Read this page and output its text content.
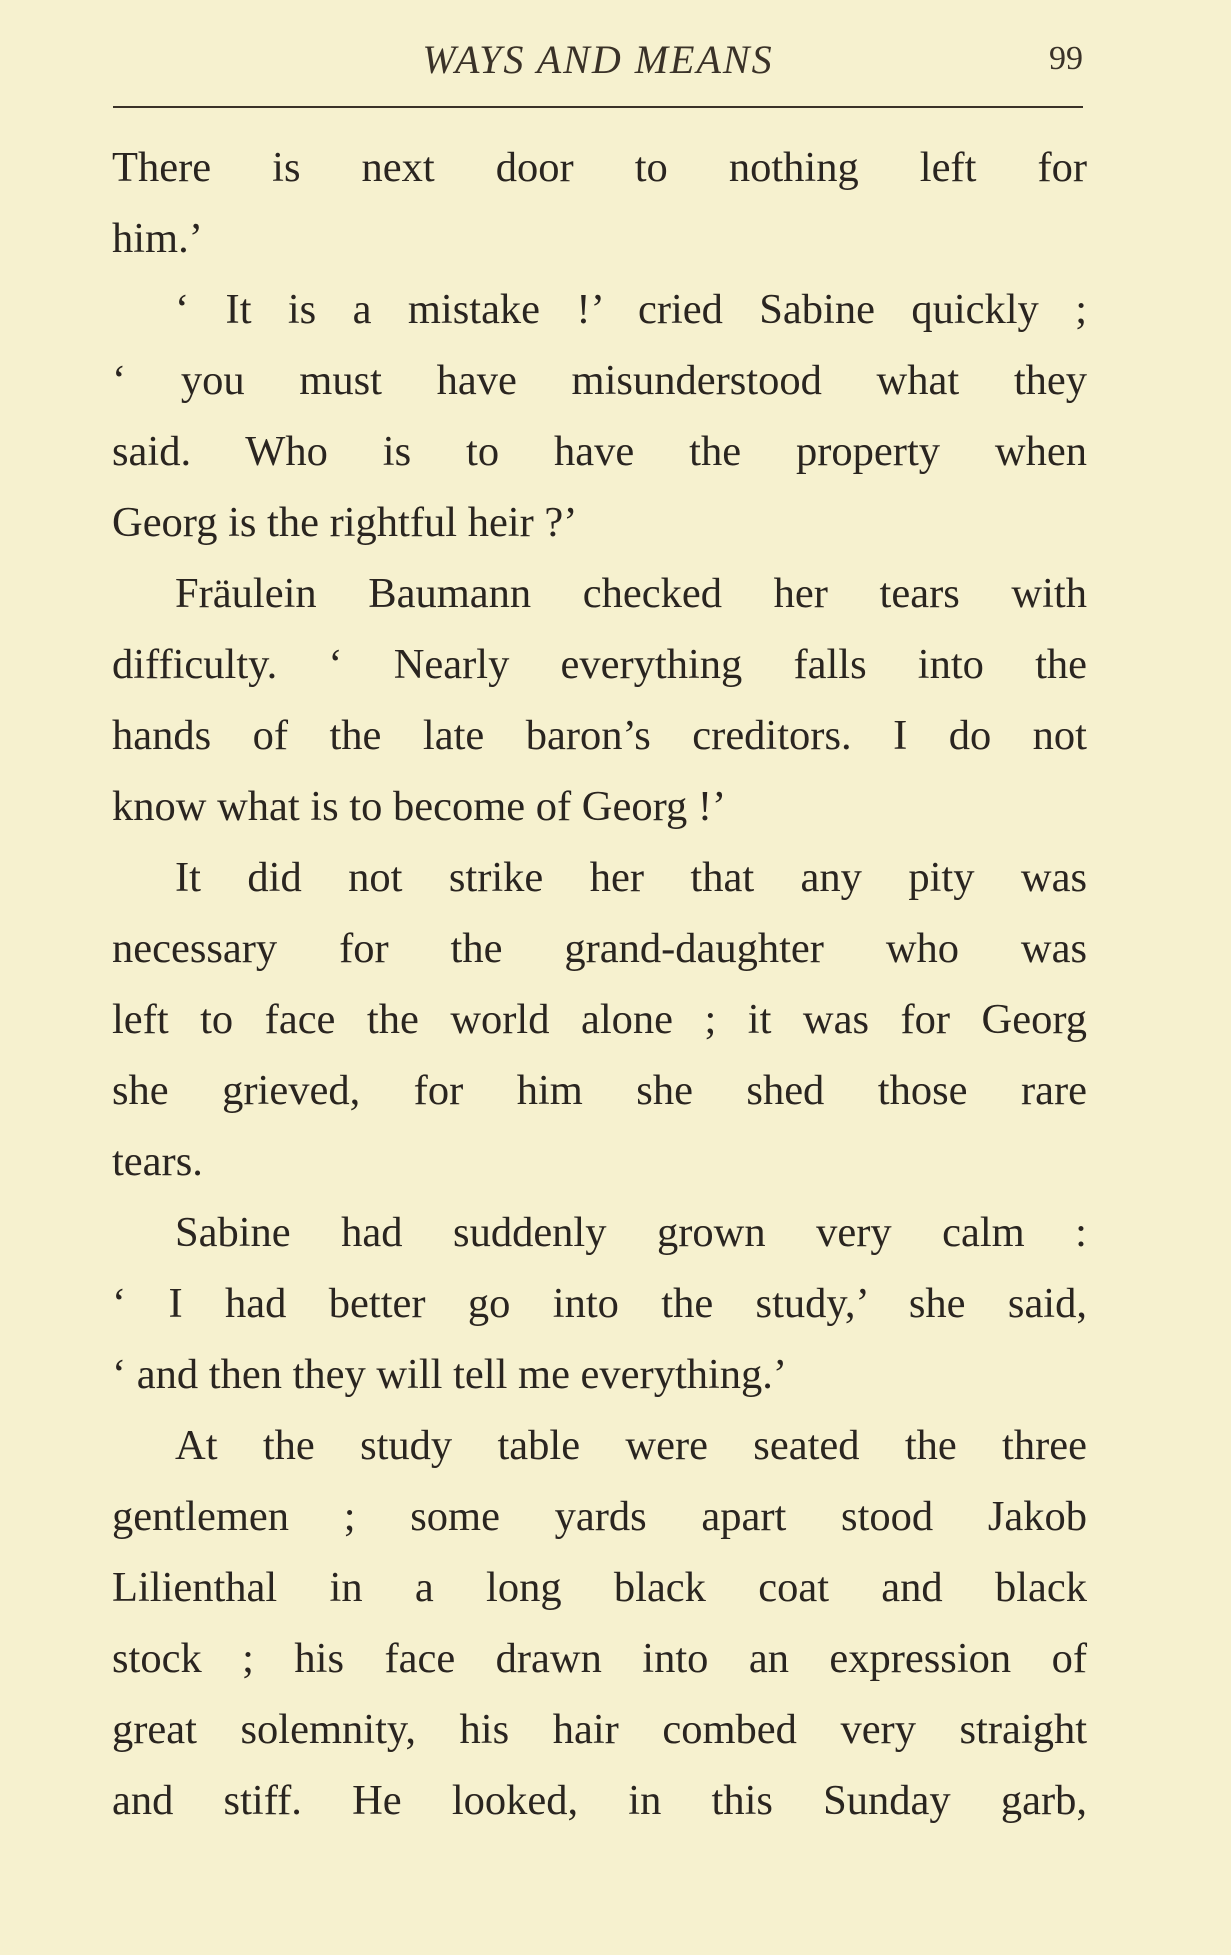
WAYS AND MEANS	99
There is next door to nothing left for
him.’
‘ It is a mistake !’ cried Sabine quickly ;
‘ you must have misunderstood what they
said. Who is to have the property when
Georg is the rightful heir ?’
Fräulein Baumann checked her tears with
difficulty. ‘ Nearly everything falls into the
hands of the late baron’s creditors. I do not
know what is to become of Georg !’
It did not strike her that any pity was
necessary for the grand-daughter who was
left to face the world alone ; it was for Georg
she grieved, for him she shed those rare
tears.
Sabine had suddenly grown very calm :
‘ I had better go into the study,’ she said,
‘ and then they will tell me everything.’
At the study table were seated the three
gentlemen ; some yards apart stood Jakob
Lilienthal in a long black coat and black
stock ; his face drawn into an expression of
great solemnity, his hair combed very straight
and stiff. He looked, in this Sunday garb,
